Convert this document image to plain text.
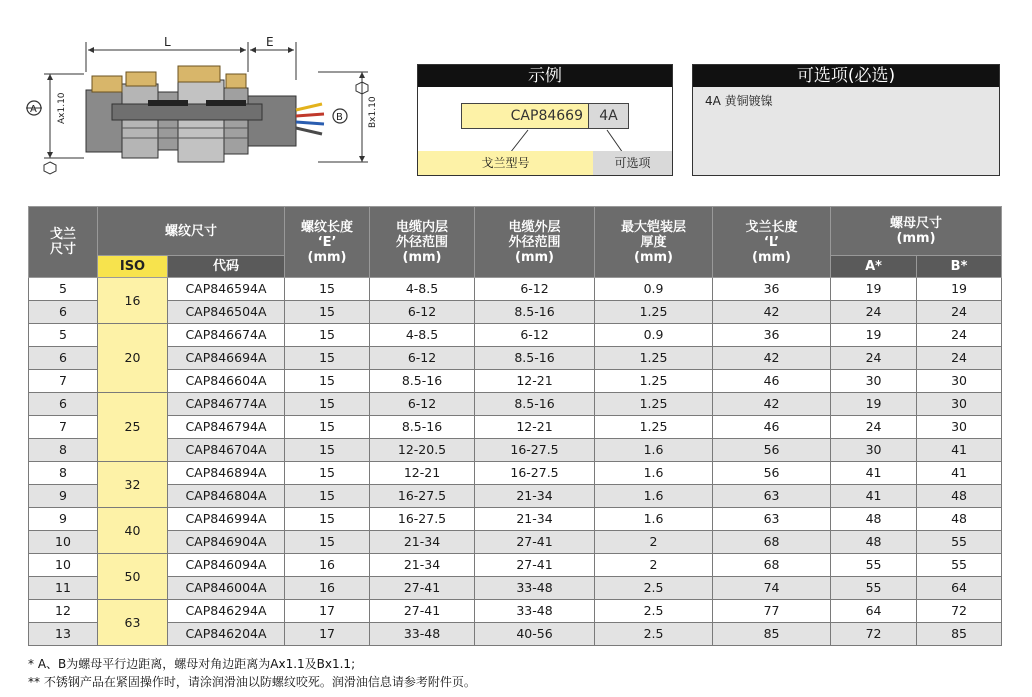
L	E
Ax1.10
A	Bx1.10
B
示例
CAP84669	4A
戈兰型号	可选项
可选项(必选)
4A 黄铜镀镍
戈兰
尺寸	螺纹尺寸		螺纹长度
‘E’
(mm)	电缆内层
外径范围
(mm)	电缆外层
外径范围
(mm)	最大铠装层
厚度
(mm)	戈兰长度
‘L’
(mm)	螺母尺寸
(mm)	
	ISO	代码						A*	B*
5	16	CAP846594A	15	4-8.5	6-12	0.9	36	19	19
6		CAP846504A	15	6-12	8.5-16	1.25	42	24	24
5	20	CAP846674A	15	4-8.5	6-12	0.9	36	19	24
6		CAP846694A	15	6-12	8.5-16	1.25	42	24	24
7		CAP846604A	15	8.5-16	12-21	1.25	46	30	30
6	25	CAP846774A	15	6-12	8.5-16	1.25	42	19	30
7		CAP846794A	15	8.5-16	12-21	1.25	46	24	30
8		CAP846704A	15	12-20.5	16-27.5	1.6	56	30	41
8	32	CAP846894A	15	12-21	16-27.5	1.6	56	41	41
9		CAP846804A	15	16-27.5	21-34	1.6	63	41	48
9	40	CAP846994A	15	16-27.5	21-34	1.6	63	48	48
10		CAP846904A	15	21-34	27-41	2	68	48	55
10	50	CAP846094A	16	21-34	27-41	2	68	55	55
11		CAP846004A	16	27-41	33-48	2.5	74	55	64
12	63	CAP846294A	17	27-41	33-48	2.5	77	64	72
13		CAP846204A	17	33-48	40-56	2.5	85	72	85
* A、B为螺母平行边距离，螺母对角边距离为Ax1.1及Bx1.1;
** 不锈钢产品在紧固操作时，请涂润滑油以防螺纹咬死。润滑油信息请参考附件页。
